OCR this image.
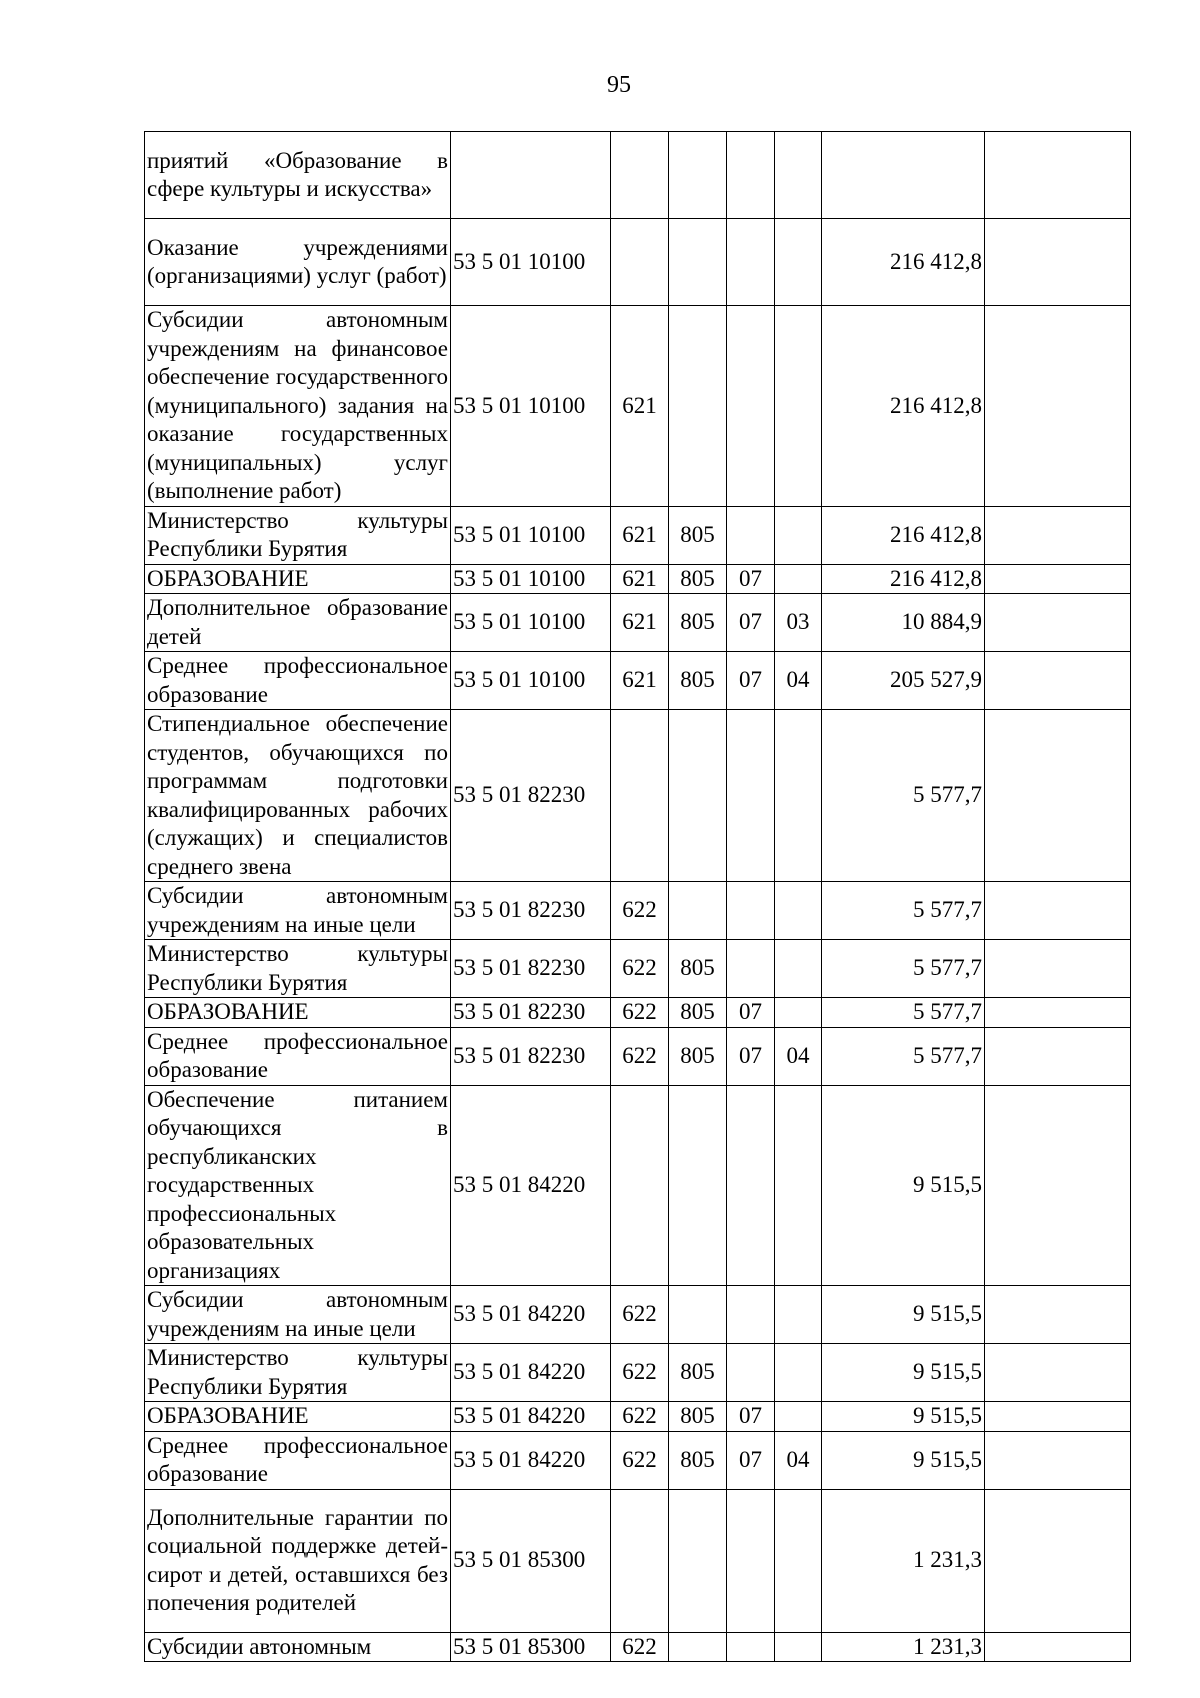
95
приятий «Образование в сфере культуры и искусства»							
Оказание учреждениями (организациями) услуг (работ)	53 5 01 10100					216 412,8	
Субсидии автономным учреждениям на финансовое обеспечение государственного (муниципального) задания на оказание государственных (муниципальных) услуг (выполнение работ)	53 5 01 10100	621				216 412,8	
Министерство культуры Республики Бурятия	53 5 01 10100	621	805			216 412,8	
ОБРАЗОВАНИЕ	53 5 01 10100	621	805	07		216 412,8	
Дополнительное образование детей	53 5 01 10100	621	805	07	03	10 884,9	
Среднее профессиональное образование	53 5 01 10100	621	805	07	04	205 527,9	
Стипендиальное обеспечение студентов, обучающихся по программам подготовки квалифицированных рабочих (служащих) и специалистов среднего звена	53 5 01 82230					5 577,7	
Субсидии автономным учреждениям на иные цели	53 5 01 82230	622				5 577,7	
Министерство культуры Республики Бурятия	53 5 01 82230	622	805			5 577,7	
ОБРАЗОВАНИЕ	53 5 01 82230	622	805	07		5 577,7	
Среднее профессиональное образование	53 5 01 82230	622	805	07	04	5 577,7	
Обеспечение питанием обучающихся в республиканских государственных профессиональных образовательных организациях	53 5 01 84220					9 515,5	
Субсидии автономным учреждениям на иные цели	53 5 01 84220	622				9 515,5	
Министерство культуры Республики Бурятия	53 5 01 84220	622	805			9 515,5	
ОБРАЗОВАНИЕ	53 5 01 84220	622	805	07		9 515,5	
Среднее профессиональное образование	53 5 01 84220	622	805	07	04	9 515,5	
Дополнительные гарантии по социальной поддержке детей-сирот и детей, оставшихся без попечения родителей	53 5 01 85300					1 231,3	
Субсидии автономным	53 5 01 85300	622				1 231,3	
